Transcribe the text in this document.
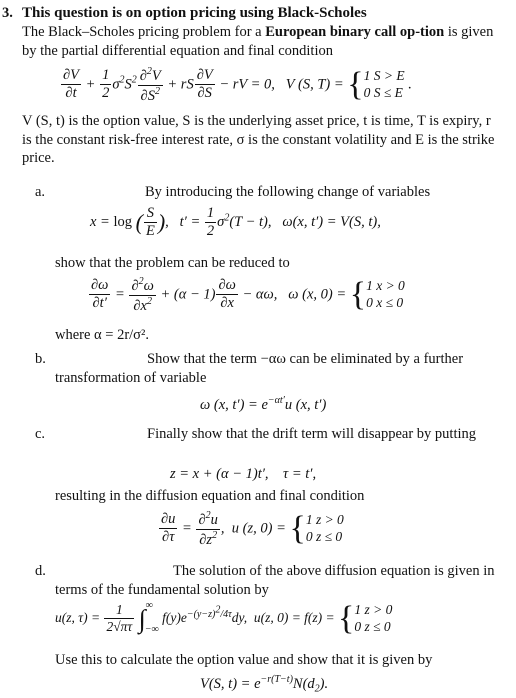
3. This question is on option pricing using Black-Scholes
The Black–Scholes pricing problem for a European binary call op-tion is given by the partial differential equation and final condition
$\frac{\partial V}{\partial t} + \frac{1}{2} \sigma^2S^2 \frac{\partial^2V}{\partial S^2}$ + rS $\frac{\partial V}{\partial S}$ − rV = 0,   V (S, T) = { 1 S > E
0 S ≤ E
.
V (S, t) is the option value, S is the underlying asset price, t is time, T is expiry, r is the constant risk-free interest rate, σ is the constant volatility and E is the strike price.
a.	By introducing the following change of variables
x = log ( $\frac{S}{E}$ ),   $t' = \frac{1}{2} \sigma^2(T - t)$,   ω(x, t′) = V(S, t),
show that the problem can be reduced to
$\frac{\partial\omega}{\partial t'} = \frac{\partial^2\omega}{\partial x^2} + (\alpha - 1) \frac{\partial\omega}{\partial x} - \alpha\omega$,   ω (x, 0) = { 1 x > 0
0 x ≤ 0
where α = 2r/σ².
b.	Show that the term −αω can be eliminated by a further transformation of variable
ω (x, $t') = e^{-\alpha t'}u$ (x, t′)
c.	Finally show that the drift term will disappear by putting
z = x + (α − 1)t′,    τ = t′,
resulting in the diffusion equation and final condition
$\frac{\partial u}{\partial\tau} = \frac{\partial^2u}{\partial z^2}$ ,  u (z, 0) = { 1 z > 0
0 z ≤ 0
d.	The solution of the above diffusion equation is given in terms of the fundamental solution by
u(z, $\tau) = \frac{1}{2√\pi\tau} \int^\infty_{-\infty}$ $f(y)e^{-(y-z)^2/4\tau}dy$,  u(z, 0) = f(z) = { 1 z > 0
0 z ≤ 0
Use this to calculate the option value and show that it is given by
V(S, $t) = e^{-r(T-t)}N(d_2)$.
